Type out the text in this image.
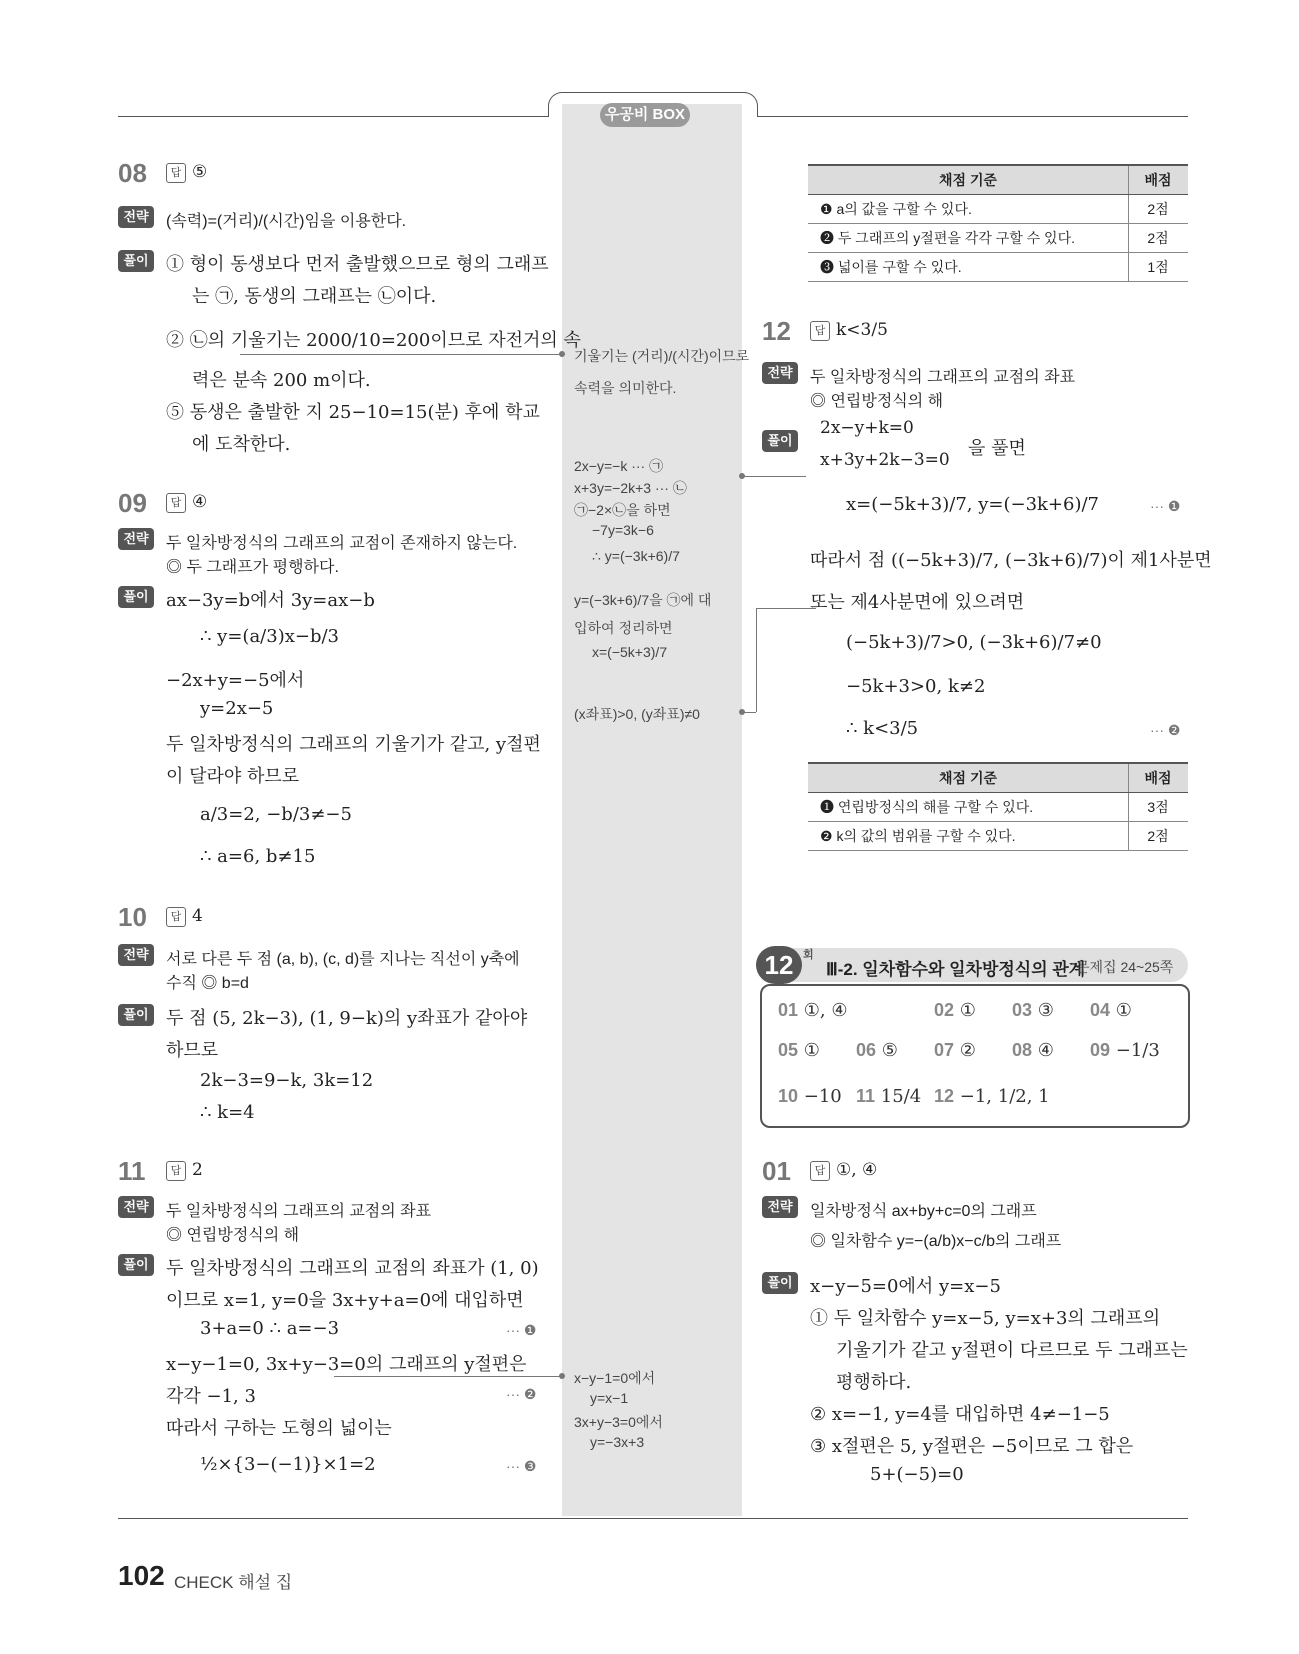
우공비 BOX
08	답 ⑤
전략	(속력)=(거리)/(시간)임을 이용한다.
풀이 ① 형이 동생보다 먼저 출발했으므로 형의 그래프
는 ㉠, 동생의 그래프는 ㉡이다.
② ㉡의 기울기는 2000/10=200이므로 자전거의 속
력은 분속 200 m이다.
⑤ 동생은 출발한 지 25−10=15(분) 후에 학교
에 도착한다.
기울기는 (거리)/(시간)이므로
속력을 의미한다.
2x−y=−k ··· ㉠
x+3y=−2k+3 ··· ㉡
㉠−2×㉡을 하면
−7y=3k−6
∴ y=(−3k+6)/7
y=(−3k+6)/7을 ㉠에 대
입하여 정리하면
x=(−5k+3)/7
(x좌표)>0, (y좌표)≠0
09	답 ④
전략	두 일차방정식의 그래프의 교점이 존재하지 않는다.
◎ 두 그래프가 평행하다.
풀이 ax−3y=b에서 3y=ax−b
∴ y=(a/3)x−b/3
−2x+y=−5에서
y=2x−5
두 일차방정식의 그래프의 기울기가 같고, y절편
이 달라야 하므로
a/3=2, −b/3≠−5
∴ a=6, b≠15
10	답 4
전략	서로 다른 두 점 (a, b), (c, d)를 지나는 직선이 y축에
수직 ◎ b=d
풀이 두 점 (5, 2k−3), (1, 9−k)의 y좌표가 같아야
하므로
2k−3=9−k, 3k=12
∴ k=4
11	답 2
전략	두 일차방정식의 그래프의 교점의 좌표
◎ 연립방정식의 해
풀이 두 일차방정식의 그래프의 교점의 좌표가 (1, 0)
이므로 x=1, y=0을 3x+y+a=0에 대입하면
3+a=0 ∴ a=−3
x−y−1=0, 3x+y−3=0의 그래프의 y절편은
각각 −1, 3
따라서 구하는 도형의 넓이는
½×{3−(−1)}×1=2
··· ❶
··· ❷
··· ❸
x−y−1=0에서
y=x−1
3x+y−3=0에서
y=−3x+3
채점 기준	배점
❶ a의 값을 구할 수 있다.	2점
❷ 두 그래프의 y절편을 각각 구할 수 있다.	2점
❸ 넓이를 구할 수 있다.	1점
12	답 k<3/5
전략	두 일차방정식의 그래프의 교점의 좌표
◎ 연립방정식의 해
풀이
2x−y+k=0
x+3y+2k−3=0
을 풀면
x=(−5k+3)/7, y=(−3k+6)/7
따라서 점 ((−5k+3)/7, (−3k+6)/7)이 제1사분면
또는 제4사분면에 있으려면
(−5k+3)/7>0, (−3k+6)/7≠0
−5k+3>0, k≠2
∴ k<3/5
··· ❶
··· ❷
채점 기준	배점
❶ 연립방정식의 해를 구할 수 있다.	3점
❷ k의 값의 범위를 구할 수 있다.	2점
12 회
Ⅲ-2. 일차함수와 일차방정식의 관계
문제집 24~25쪽
01 ①, ④	02 ① 03 ③ 04 ①
05 ① 06 ⑤ 07 ② 08 ④ 09 −1/3
10 −10 11 15/4 12 −1, 1/2, 1
01	답 ①, ④
전략	일차방정식 ax+by+c=0의 그래프
◎ 일차함수 y=−(a/b)x−c/b의 그래프
풀이 x−y−5=0에서 y=x−5
① 두 일차함수 y=x−5, y=x+3의 그래프의
기울기가 같고 y절편이 다르므로 두 그래프는
평행하다.
② x=−1, y=4를 대입하면 4≠−1−5
③ x절편은 5, y절편은 −5이므로 그 합은
5+(−5)=0
102 CHECK 해설 집
